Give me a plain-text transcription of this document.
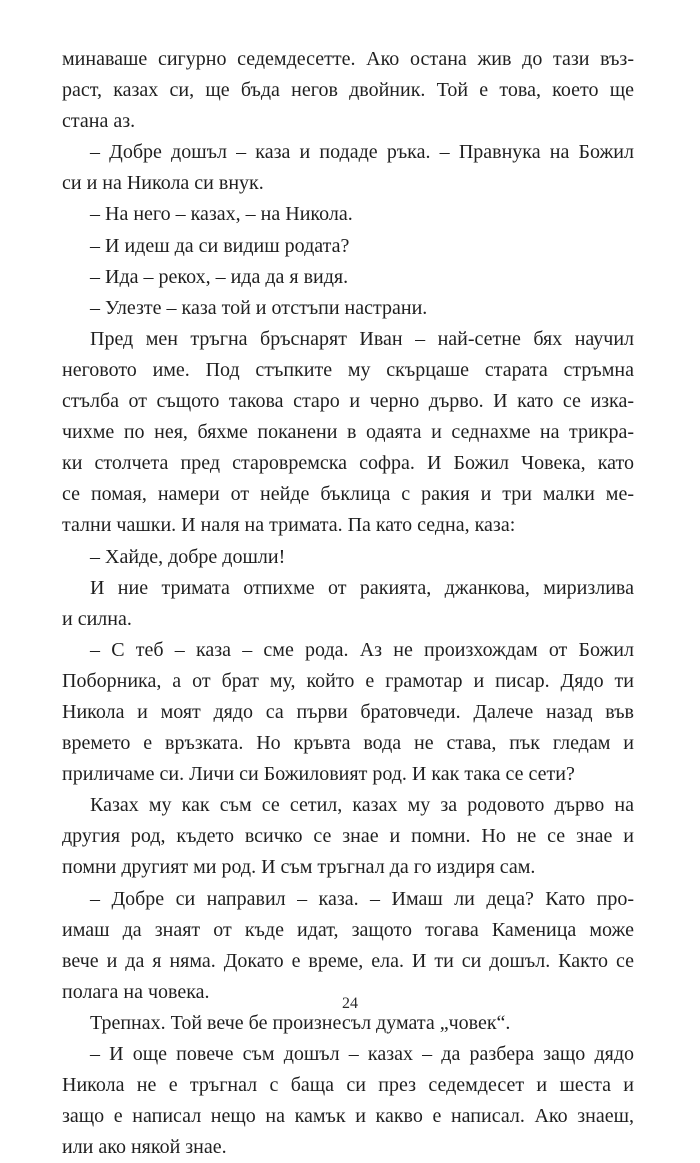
минаваше сигурно седемдесетте. Ако остана жив до тази въз-
раст, казах си, ще бъда негов двойник. Той е това, което ще
стана аз.
– Добре дошъл – каза и подаде ръка. – Правнука на Божил
си и на Никола си внук.
– На него – казах, – на Никола.
– И идеш да си видиш родата?
– Ида – рекох, – ида да я видя.
– Улезте – каза той и отстъпи настрани.
Пред мен тръгна бръснарят Иван – най-сетне бях научил
неговото име. Под стъпките му скърцаше старата стръмна
стълба от същото такова старо и черно дърво. И като се изка-
чихме по нея, бяхме поканени в одаята и седнахме на трикра-
ки столчета пред старовремска софра. И Божил Човека, като
се помая, намери от нейде бъклица с ракия и три малки ме-
тални чашки. И наля на тримата. Па като седна, каза:
– Хайде, добре дошли!
И ние тримата отпихме от ракията, джанкова, миризлива
и силна.
– С теб – каза – сме рода. Аз не произхождам от Божил
Поборника, а от брат му, който е грамотар и писар. Дядо ти
Никола и моят дядо са първи братовчеди. Далече назад във
времето е връзката. Но кръвта вода не става, пък гледам и
приличаме си. Личи си Божиловият род. И как така се сети?
Казах му как съм се сетил, казах му за родовото дърво на
другия род, където всичко се знае и помни. Но не се знае и
помни другият ми род. И съм тръгнал да го издиря сам.
– Добре си направил – каза. – Имаш ли деца? Като про-
имаш да знаят от къде идат, защото тогава Каменица може
вече и да я няма. Докато е време, ела. И ти си дошъл. Както се
полага на човека.
Трепнах. Той вече бе произнесъл думата „човек“.
– И още повече съм дошъл – казах – да разбера защо дядо
Никола не е тръгнал с баща си през седемдесет и шеста и
защо е написал нещо на камък и какво е написал. Ако знаеш,
или ако някой знае.
24
